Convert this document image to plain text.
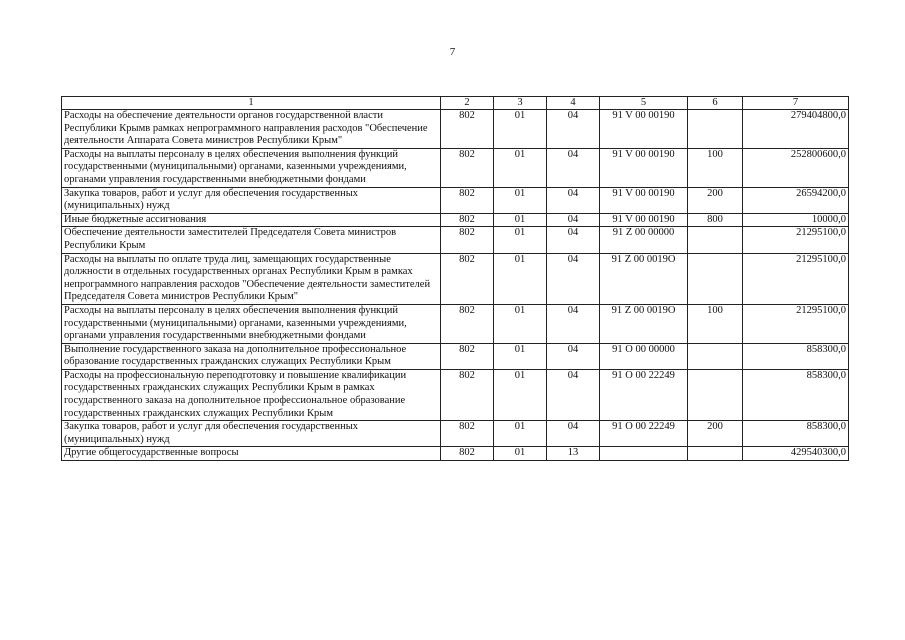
7
1	2	3	4	5	6	7
Расходы на обеспечение деятельности органов государственной власти Республики Крымв рамках непрограммного направления расходов "Обеспечение деятельности Аппарата Совета министров Республики Крым"	802	01	04	91 V 00 00190		279404800,0
Расходы на выплаты персоналу в целях обеспечения выполнения функций государственными (муниципальными) органами, казенными учреждениями, органами управления государственными внебюджетными фондами	802	01	04	91 V 00 00190	100	252800600,0
Закупка товаров, работ и услуг для обеспечения государственных (муниципальных) нужд	802	01	04	91 V 00 00190	200	26594200,0
Иные бюджетные ассигнования	802	01	04	91 V 00 00190	800	10000,0
Обеспечение деятельности заместителей Председателя Совета министров Республики Крым	802	01	04	91 Z 00 00000		21295100,0
Расходы на выплаты по оплате труда лиц, замещающих государственные должности в отдельных государственных органах Республики Крым в рамках непрограммного направления расходов "Обеспечение деятельности заместителей Председателя Совета министров Республики Крым"	802	01	04	91 Z 00 0019О		21295100,0
Расходы на выплаты персоналу в целях обеспечения выполнения функций государственными (муниципальными) органами, казенными учреждениями, органами управления государственными внебюджетными фондами	802	01	04	91 Z 00 0019О	100	21295100,0
Выполнение государственного заказа на дополнительное профессиональное образование государственных гражданских служащих Республики Крым	802	01	04	91 О 00 00000		858300,0
Расходы на профессиональную переподготовку и повышение квалификации государственных гражданских служащих Республики Крым в рамках государственного заказа на дополнительное профессиональное образование государственных гражданских служащих Республики Крым	802	01	04	91 О 00 22249		858300,0
Закупка товаров, работ и услуг для обеспечения государственных (муниципальных) нужд	802	01	04	91 О 00 22249	200	858300,0
Другие общегосударственные вопросы	802	01	13			429540300,0
